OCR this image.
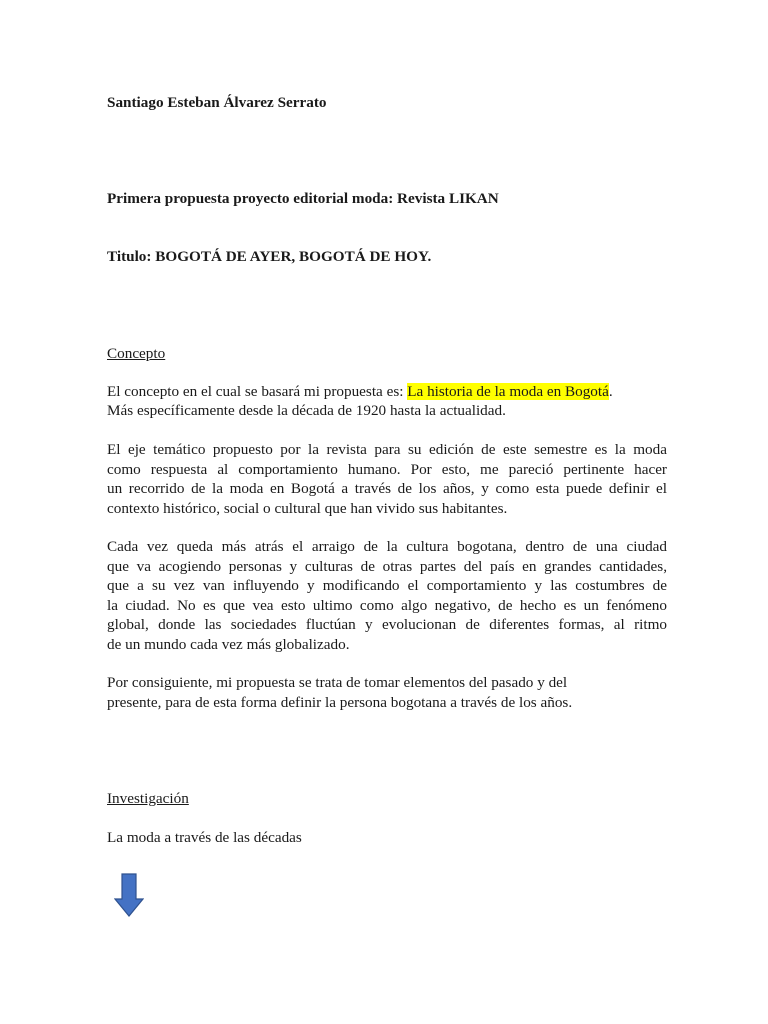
Santiago Esteban Álvarez Serrato

Primera propuesta proyecto editorial moda: Revista LIKAN

Titulo: BOGOTÁ DE AYER, BOGOTÁ DE HOY.

Concepto

El concepto en el cual se basará mi propuesta es: La historia de la moda en Bogotá.

Más específicamente desde la década de 1920 hasta la actualidad.

El eje temático propuesto por la revista para su edición de este semestre es la moda
como respuesta al comportamiento humano. Por esto, me pareció pertinente hacer
un recorrido de la moda en Bogotá a través de los años, y como esta puede definir el
contexto histórico, social o cultural que han vivido sus habitantes.
Cada vez queda más atrás el arraigo de la cultura bogotana, dentro de una ciudad
que va acogiendo personas y culturas de otras partes del país en grandes cantidades,
que a su vez van influyendo y modificando el comportamiento y las costumbres de
la ciudad. No es que vea esto ultimo como algo negativo, de hecho es un fenómeno
global, donde las sociedades fluctúan y evolucionan de diferentes formas, al ritmo
de un mundo cada vez más globalizado.
Por consiguiente, mi propuesta se trata de tomar elementos del pasado y del
presente, para de esta forma definir la persona bogotana a través de los años.

Investigación

La moda a través de las décadas
